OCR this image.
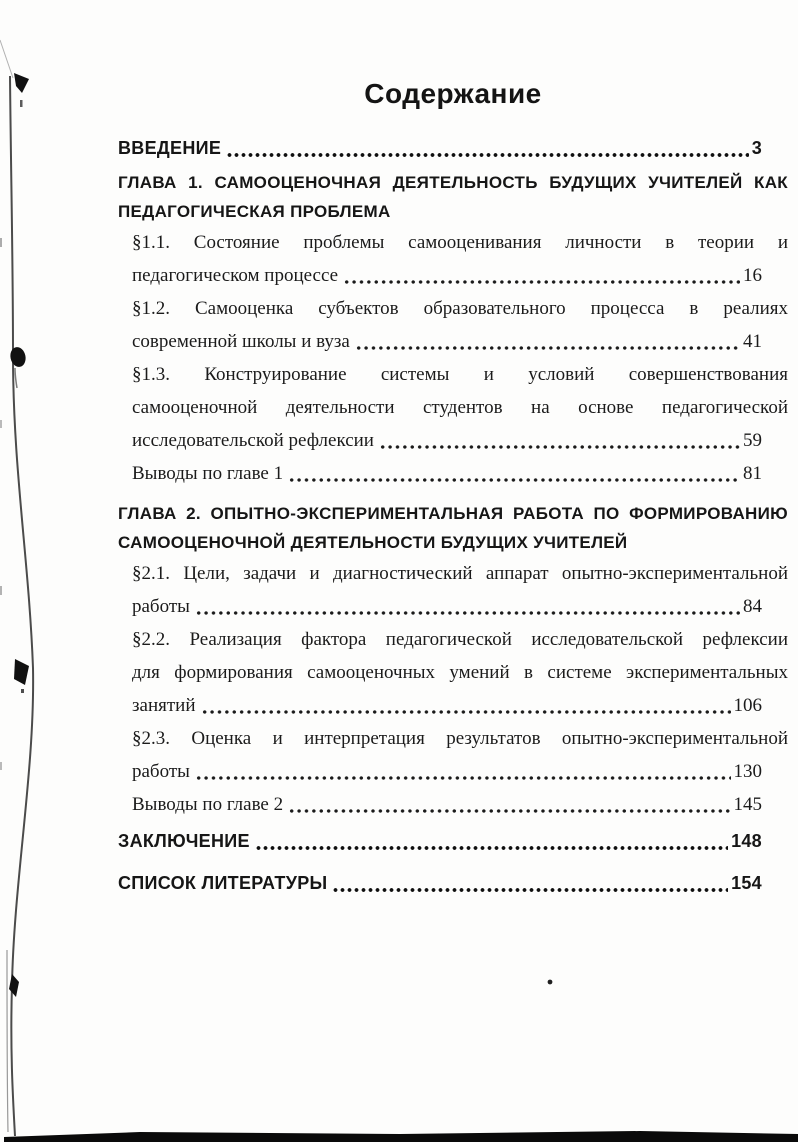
Содержание
ВВЕДЕНИЕ	3
ГЛАВА 1. САМООЦЕНОЧНАЯ ДЕЯТЕЛЬНОСТЬ БУДУЩИХ УЧИТЕЛЕЙ КАК
ПЕДАГОГИЧЕСКАЯ ПРОБЛЕМА
§1.1. Состояние проблемы самооценивания личности в теории и
педагогическом процессе	16
§1.2. Самооценка субъектов образовательного процесса в реалиях
современной школы и вуза	41
§1.3. Конструирование системы и условий совершенствования
самооценочной деятельности студентов на основе педагогической
исследовательской рефлексии	59
Выводы по главе 1	81
ГЛАВА 2. ОПЫТНО-ЭКСПЕРИМЕНТАЛЬНАЯ РАБОТА ПО ФОРМИРОВАНИЮ
САМООЦЕНОЧНОЙ ДЕЯТЕЛЬНОСТИ БУДУЩИХ УЧИТЕЛЕЙ
§2.1. Цели, задачи и диагностический аппарат опытно-экспериментальной
работы	84
§2.2. Реализация фактора педагогической исследовательской рефлексии
для формирования самооценочных умений в системе экспериментальных
занятий	106
§2.3. Оценка и интерпретация результатов опытно-экспериментальной
работы	130
Выводы по главе 2	145
ЗАКЛЮЧЕНИЕ	148
СПИСОК ЛИТЕРАТУРЫ	154
